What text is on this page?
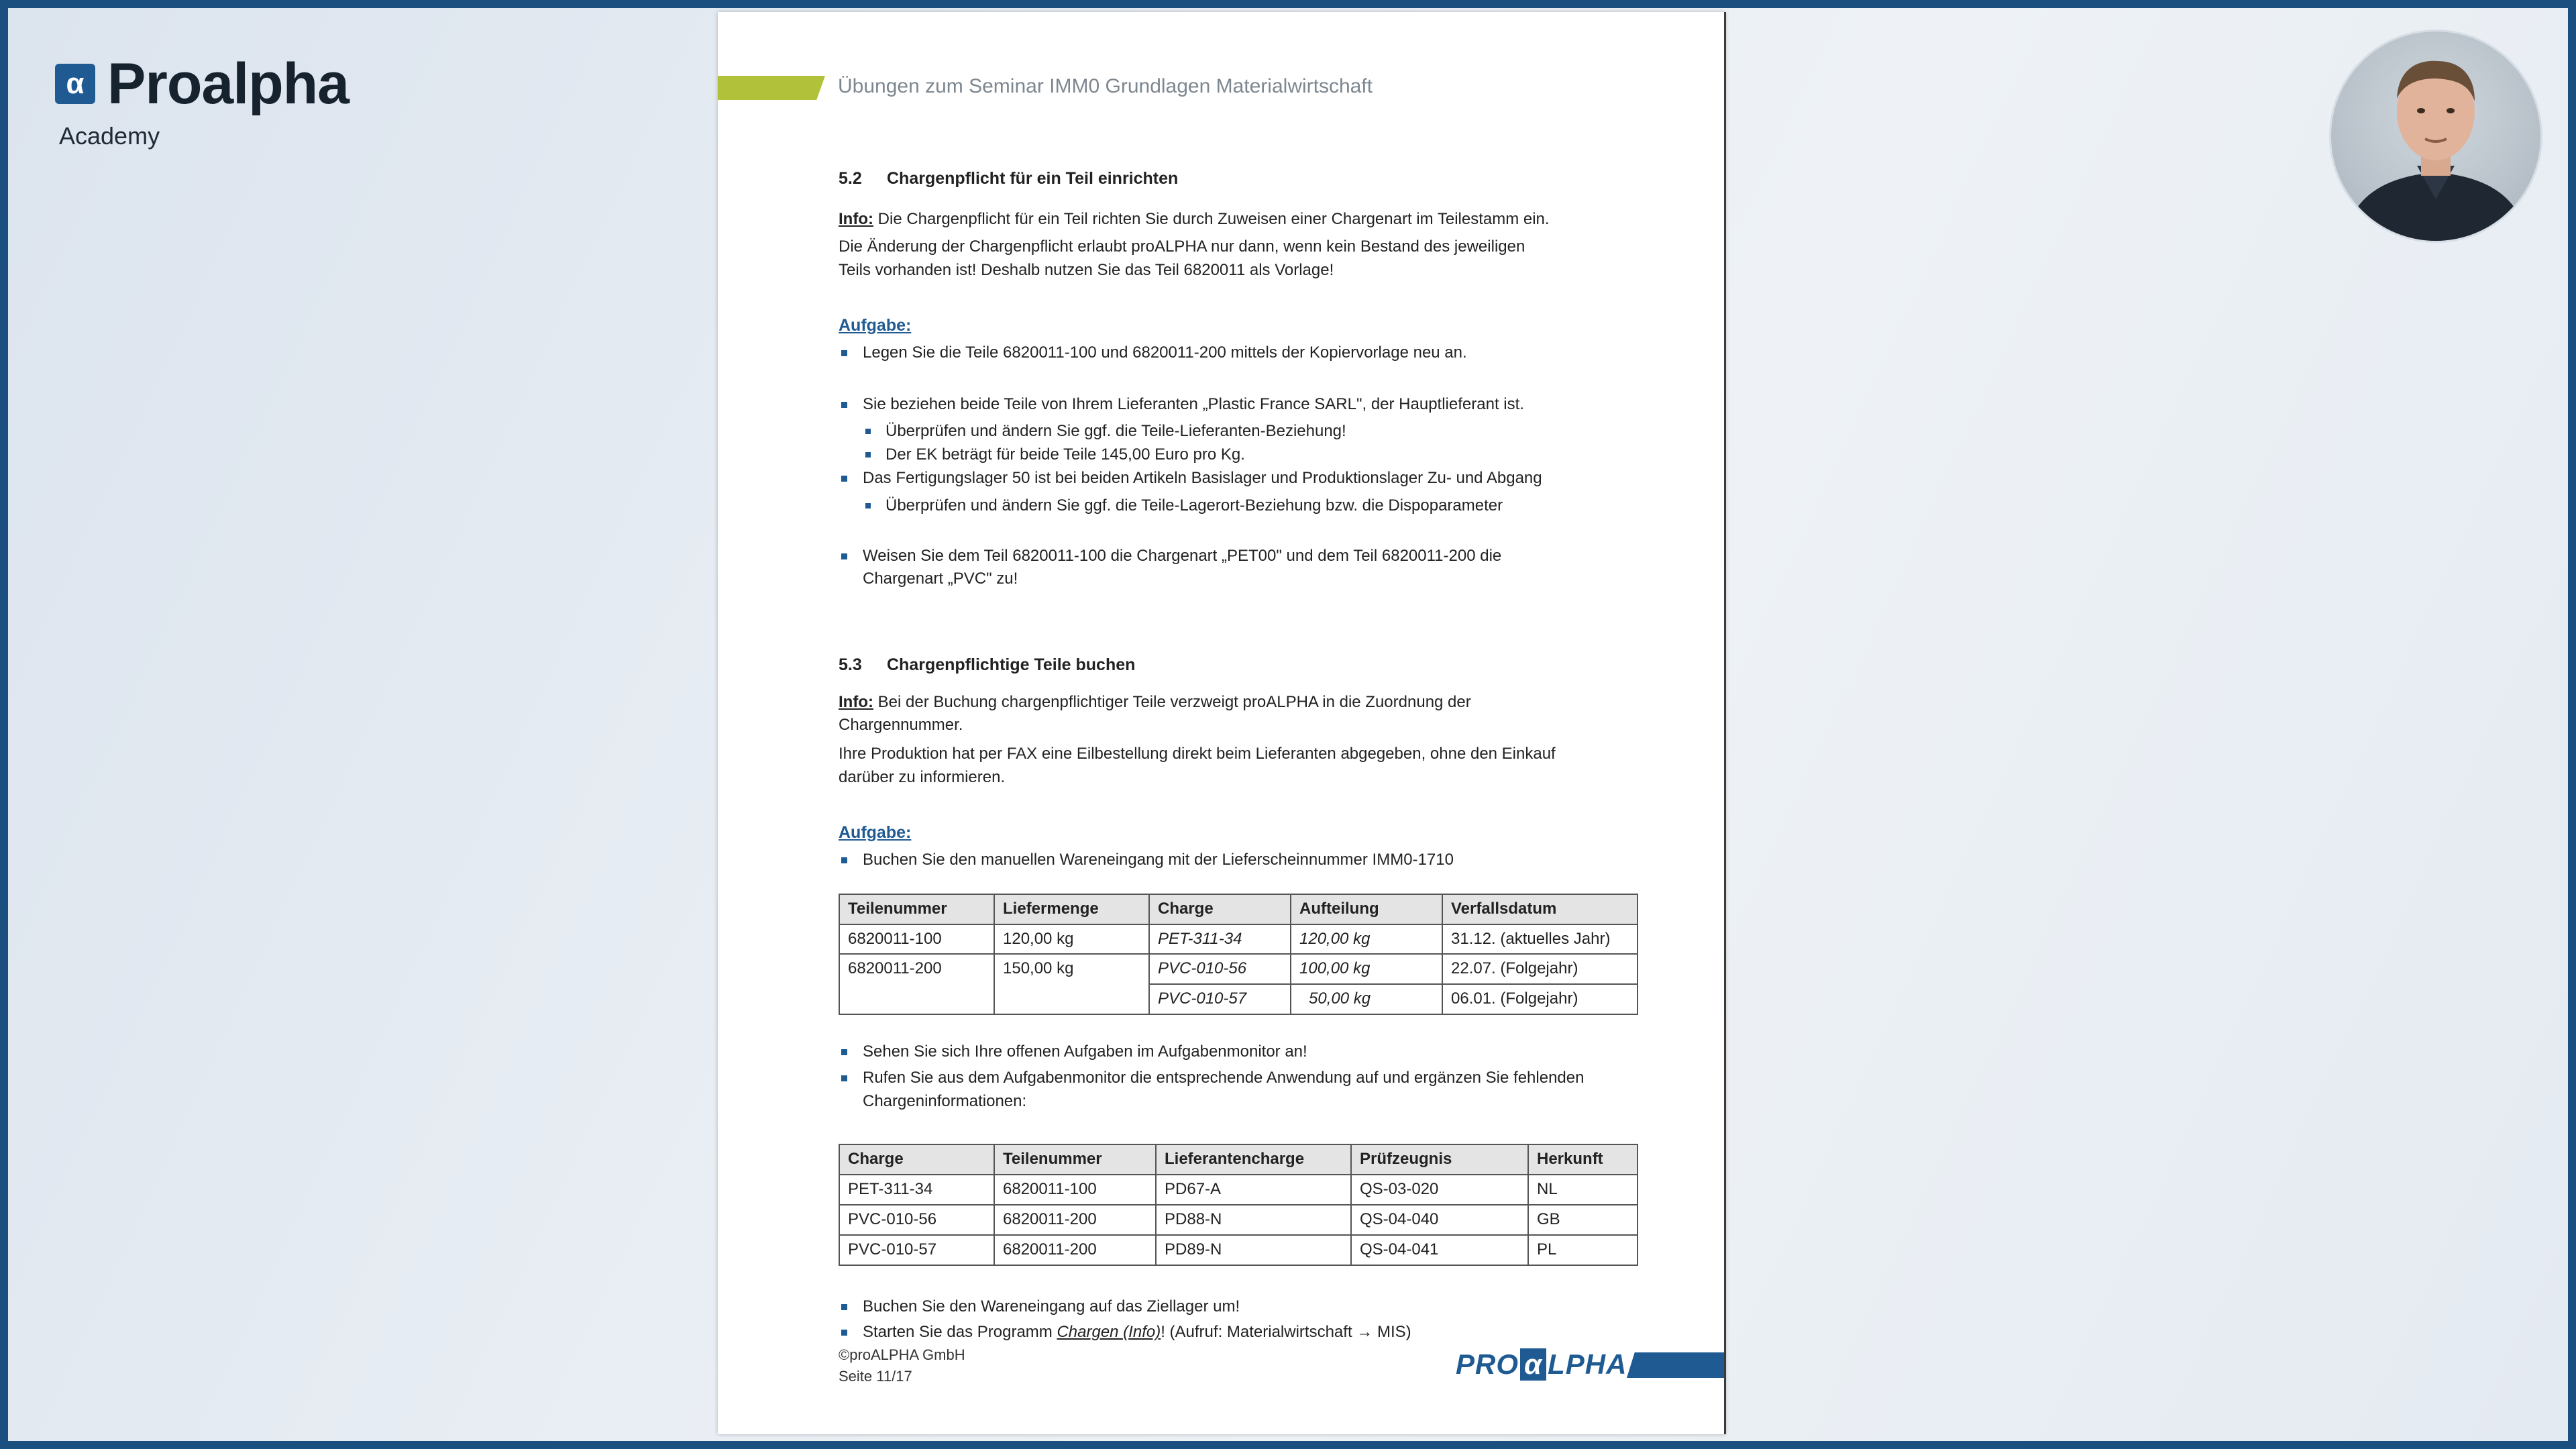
α Proalpha
Academy
Übungen zum Seminar IMM0 Grundlagen Materialwirtschaft
5.2 Chargenpflicht für ein Teil einrichten
Info: Die Chargenpflicht für ein Teil richten Sie durch Zuweisen einer Chargenart im Teilestamm ein.
Die Änderung der Chargenpflicht erlaubt proALPHA nur dann, wenn kein Bestand des jeweiligen Teils vorhanden ist! Deshalb nutzen Sie das Teil 6820011 als Vorlage!
Aufgabe:
Legen Sie die Teile 6820011-100 und 6820011-200 mittels der Kopiervorlage neu an.
Sie beziehen beide Teile von Ihrem Lieferanten „Plastic France SARL", der Hauptlieferant ist.
Überprüfen und ändern Sie ggf. die Teile-Lieferanten-Beziehung!
Der EK beträgt für beide Teile 145,00 Euro pro Kg.
Das Fertigungslager 50 ist bei beiden Artikeln Basislager und Produktionslager Zu- und Abgang
Überprüfen und ändern Sie ggf. die Teile-Lagerort-Beziehung bzw. die Dispoparameter
Weisen Sie dem Teil 6820011-100 die Chargenart „PET00" und dem Teil 6820011-200 die Chargenart „PVC" zu!
5.3 Chargenpflichtige Teile buchen
Info: Bei der Buchung chargenpflichtiger Teile verzweigt proALPHA in die Zuordnung der Chargennummer.
Ihre Produktion hat per FAX eine Eilbestellung direkt beim Lieferanten abgegeben, ohne den Einkauf darüber zu informieren.
Aufgabe:
Buchen Sie den manuellen Wareneingang mit der Lieferscheinnummer IMM0-1710
Teilenummer	Liefermenge	Charge	Aufteilung	Verfallsdatum
6820011-100	120,00 kg	PET-311-34	120,00 kg	31.12. (aktuelles Jahr)
6820011-200	150,00 kg	PVC-010-56	100,00 kg	22.07. (Folgejahr)
		PVC-010-57	50,00 kg	06.01. (Folgejahr)
Sehen Sie sich Ihre offenen Aufgaben im Aufgabenmonitor an!
Rufen Sie aus dem Aufgabenmonitor die entsprechende Anwendung auf und ergänzen Sie fehlenden Chargeninformationen:
Charge	Teilenummer	Lieferantencharge	Prüfzeugnis	Herkunft
PET-311-34	6820011-100	PD67-A	QS-03-020	NL
PVC-010-56	6820011-200	PD88-N	QS-04-040	GB
PVC-010-57	6820011-200	PD89-N	QS-04-041	PL
Buchen Sie den Wareneingang auf das Ziellager um!
Starten Sie das Programm Chargen (Info)! (Aufruf: Materialwirtschaft → MIS)
©proALPHA GmbH
Seite 11/17	PRO α LPHA
